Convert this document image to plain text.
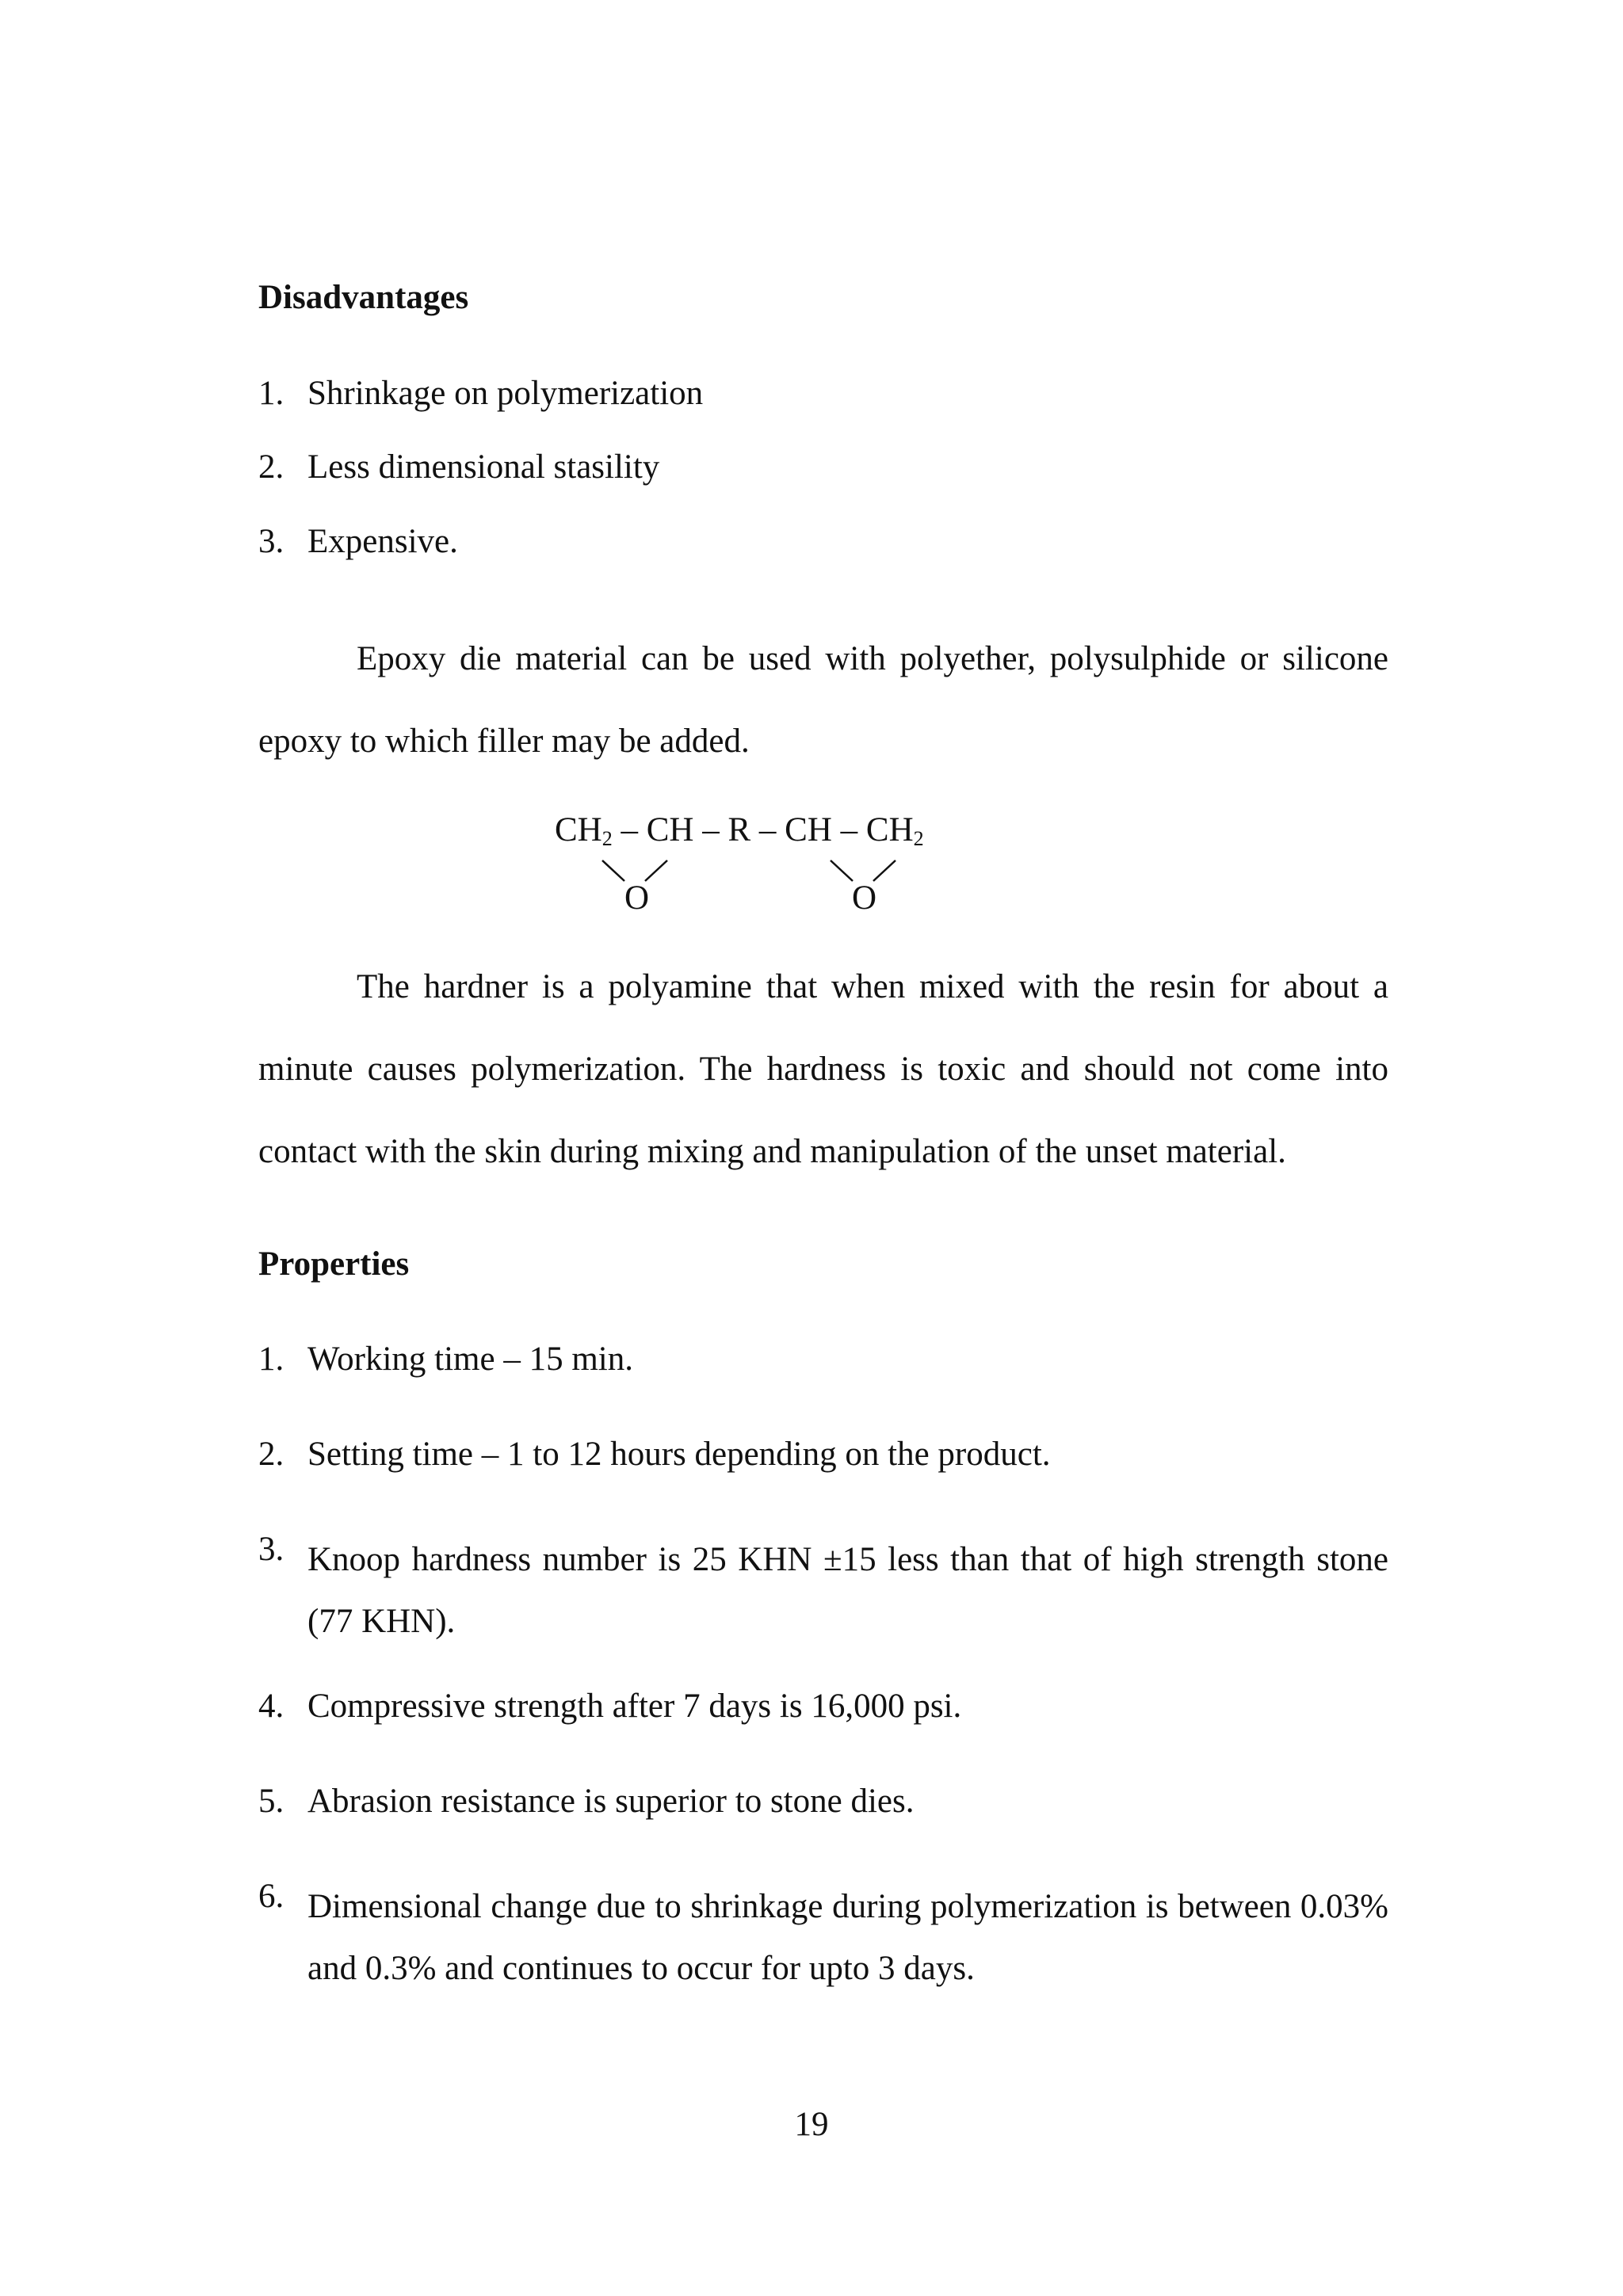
Disadvantages
1. Shrinkage on polymerization
2. Less dimensional stasility
3. Expensive.

Epoxy die material can be used with polyether, polysulphide or silicone epoxy to which filler may be added.

$CH_2$ – CH – R – CH – $CH_2$
O	O

The hardner is a polyamine that when mixed with the resin for about a minute causes polymerization. The hardness is toxic and should not come into contact with the skin during mixing and manipulation of the unset material.

Properties
1. Working time – 15 min.
2. Setting time – 1 to 12 hours depending on the product.
3. Knoop hardness number is 25 KHN ±15 less than that of high strength stone (77 KHN).
4. Compressive strength after 7 days is 16,000 psi.
5. Abrasion resistance is superior to stone dies.
6. Dimensional change due to shrinkage during polymerization is between 0.03% and 0.3% and continues to occur for upto 3 days.
19
